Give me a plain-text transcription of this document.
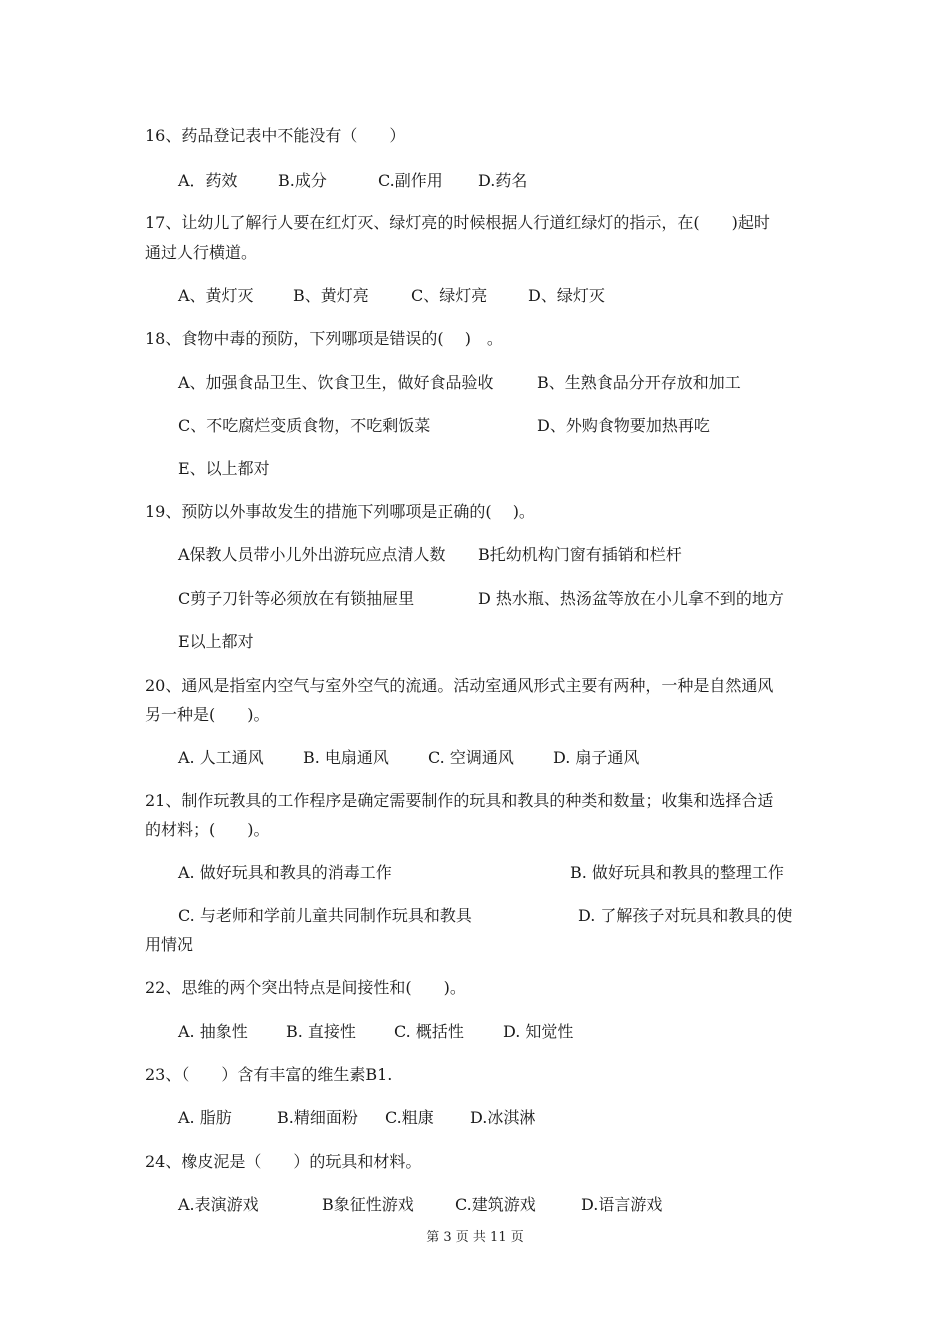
16、药品登记表中不能没有（　　）
A．药效	B.成分	C.副作用 D.药名
17、让幼儿了解行人要在红灯灭、绿灯亮的时候根据人行道红绿灯的指示，在(　　)起时
通过人行横道。
A、黄灯灭 B、黄灯亮	C、绿灯亮	D、绿灯灭
18、食物中毒的预防，下列哪项是错误的(　 )　。
A、加强食品卫生、饮食卫生，做好食品验收	B、生熟食品分开存放和加工
C、不吃腐烂变质食物，不吃剩饭菜	D、外购食物要加热再吃
E、以上都对
19、预防以外事故发生的措施下列哪项是正确的(　 )。
A保教人员带小儿外出游玩应点清人数 B托幼机构门窗有插销和栏杆
C剪子刀针等必须放在有锁抽屉里	D 热水瓶、热汤盆等放在小儿拿不到的地方
E以上都对
20、通风是指室内空气与室外空气的流通。活动室通风形式主要有两种，一种是自然通风
另一种是(　　)。
A. 人工通风 B. 电扇通风 C. 空调通风 D. 扇子通风
21、制作玩教具的工作程序是确定需要制作的玩具和教具的种类和数量；收集和选择合适
的材料；(　　)。
A. 做好玩具和教具的消毒工作	B. 做好玩具和教具的整理工作
C. 与老师和学前儿童共同制作玩具和教具	D. 了解孩子对玩具和教具的使
用情况
22、思维的两个突出特点是间接性和(　　)。
A. 抽象性 B. 直接性 C. 概括性 D. 知觉性
23、（　　）含有丰富的维生素B1.
A. 脂肪	B.精细面粉 C.粗康 D.冰淇淋
24、橡皮泥是（　　）的玩具和材料。
A.表演游戏	B象征性游戏	C.建筑游戏	D.语言游戏
第 3 页 共 11 页
